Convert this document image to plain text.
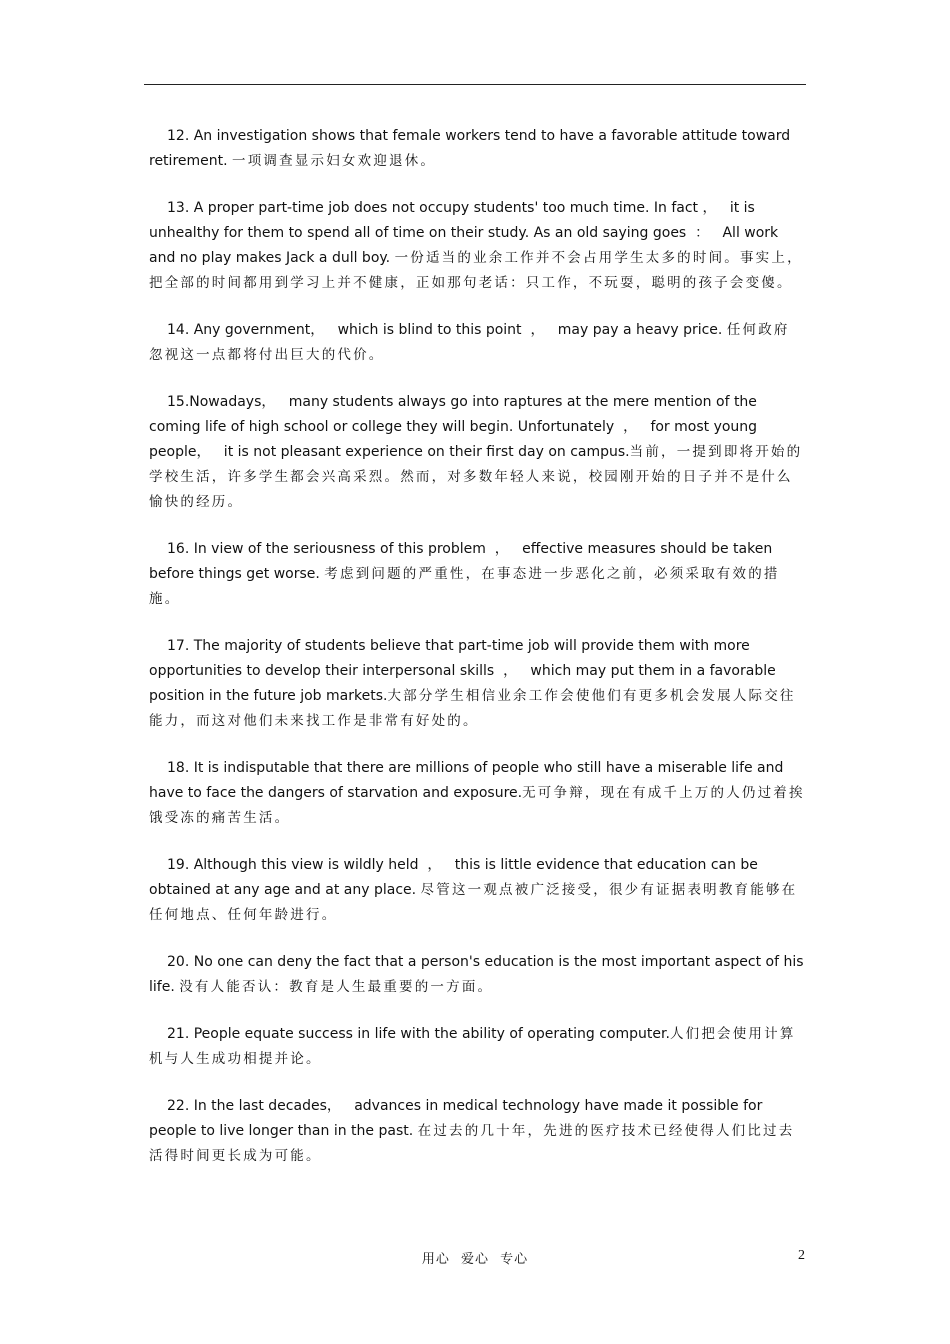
12. An investigation shows that female workers tend to have a favorable attitude toward retirement. 一项调查显示妇女欢迎退休。

13. A proper part-time job does not occupy students' too much time. In fact ，   it is unhealthy for them to spend all of time on their study. As an old saying goes  ：   All work and no play makes Jack a dull boy. 一份适当的业余工作并不会占用学生太多的时间。事实上，把全部的时间都用到学习上并不健康，正如那句老话：只工作，不玩耍，聪明的孩子会变傻。

14. Any government，   which is blind to this point  ，   may pay a heavy price. 任何政府忽视这一点都将付出巨大的代价。

15.Nowadays，   many students always go into raptures at the mere mention of the coming life of high school or college they will begin. Unfortunately  ，   for most young people，   it is not pleasant experience on their first day on campus.当前，一提到即将开始的学校生活，许多学生都会兴高采烈。然而，对多数年轻人来说，校园刚开始的日子并不是什么愉快的经历。

16. In view of the seriousness of this problem  ，   effective measures should be taken before things get worse. 考虑到问题的严重性，在事态进一步恶化之前，必须采取有效的措施。

17. The majority of students believe that part-time job will provide them with more opportunities to develop their interpersonal skills  ，   which may put them in a favorable position in the future job markets.大部分学生相信业余工作会使他们有更多机会发展人际交往能力，而这对他们未来找工作是非常有好处的。

18. It is indisputable that there are millions of people who still have a miserable life and have to face the dangers of starvation and exposure.无可争辩，现在有成千上万的人仍过着挨饿受冻的痛苦生活。

19. Although this view is wildly held  ，   this is little evidence that education can be obtained at any age and at any place. 尽管这一观点被广泛接受，很少有证据表明教育能够在任何地点、任何年龄进行。

20. No one can deny the fact that a person's education is the most important aspect of his life. 没有人能否认：教育是人生最重要的一方面。

21. People equate success in life with the ability of operating computer.人们把会使用计算机与人生成功相提并论。

22. In the last decades，   advances in medical technology have made it possible for people to live longer than in the past. 在过去的几十年，先进的医疗技术已经使得人们比过去活得时间更长成为可能。

用心 爱心 专心	2
